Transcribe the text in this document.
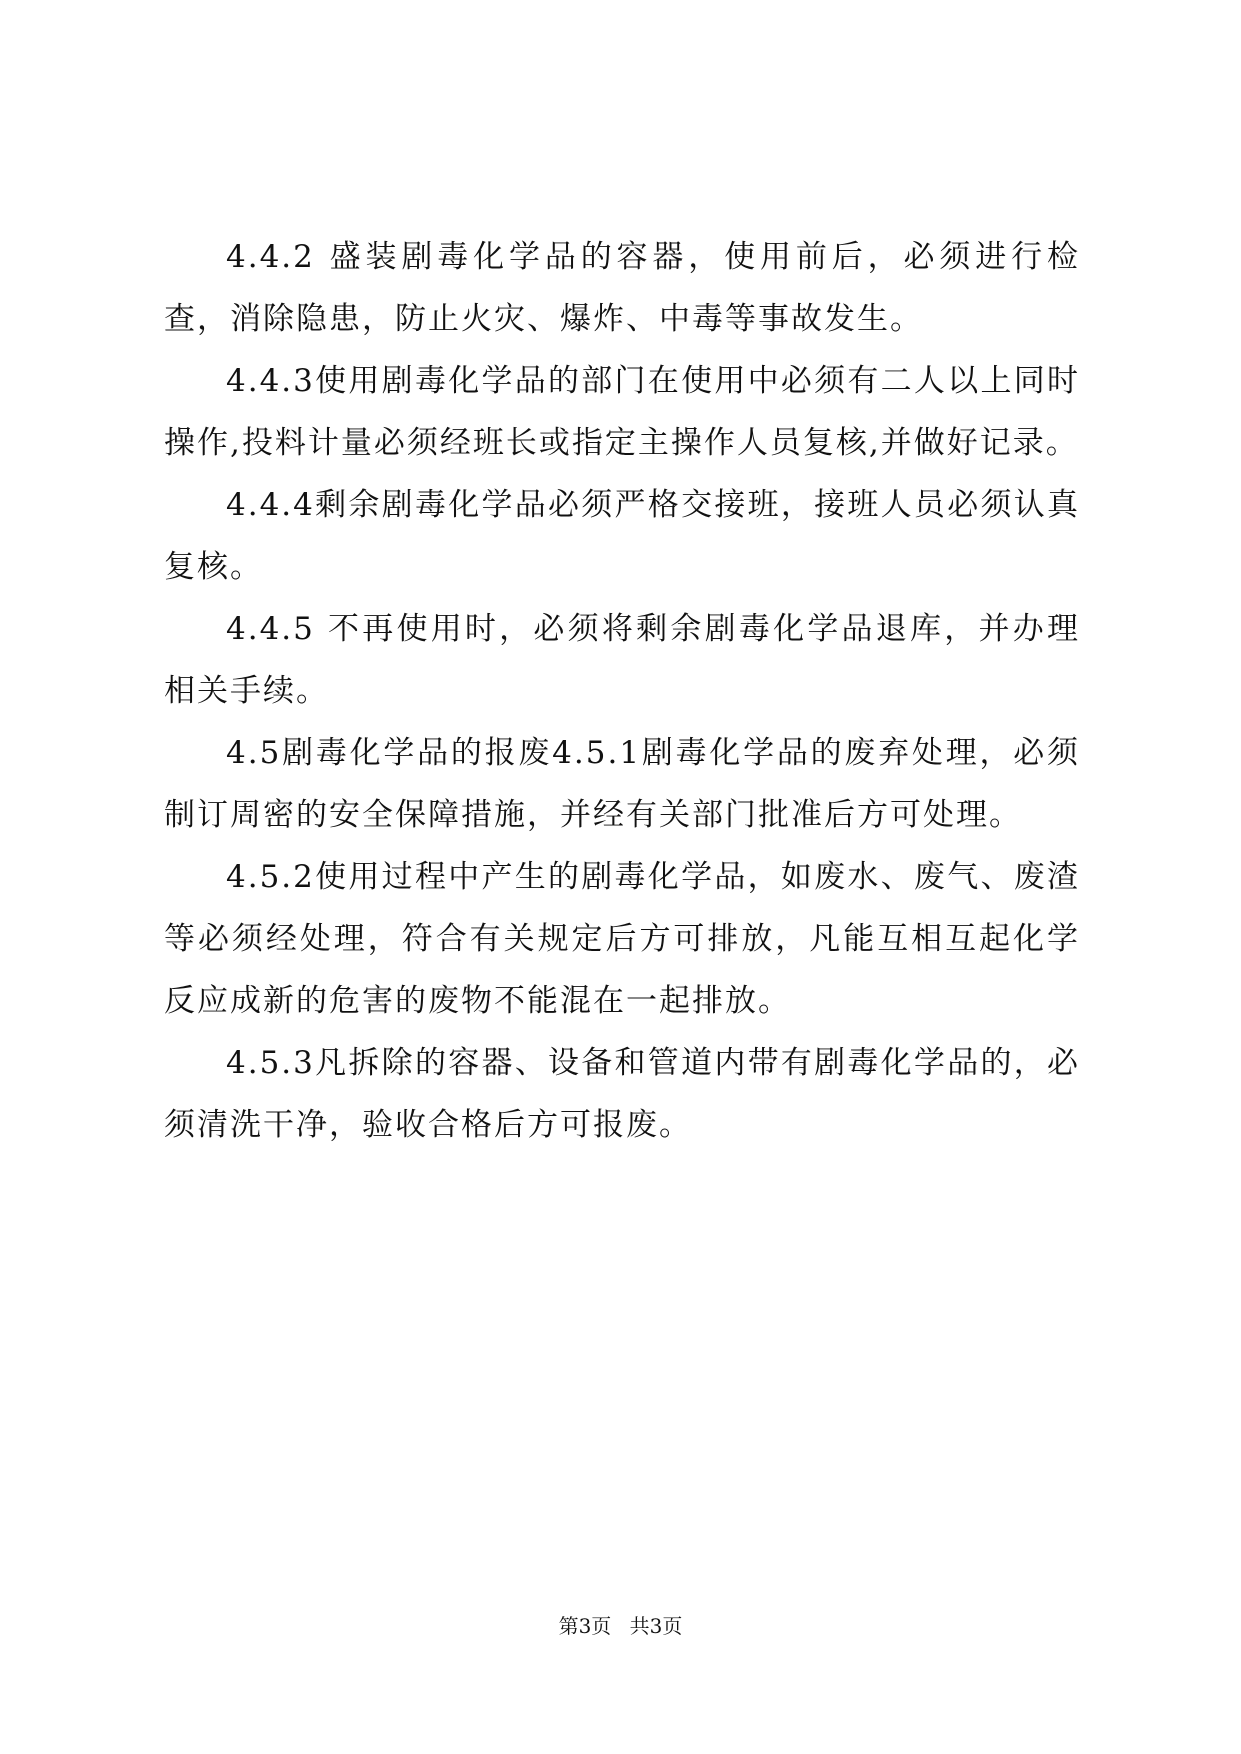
4.4.2 盛装剧毒化学品的容器，使用前后，必须进行检查，消除隐患，防止火灾、爆炸、中毒等事故发生。

4.4.3使用剧毒化学品的部门在使用中必须有二人以上同时操作,投料计量必须经班长或指定主操作人员复核,并做好记录。

4.4.4剩余剧毒化学品必须严格交接班，接班人员必须认真复核。

4.4.5 不再使用时，必须将剩余剧毒化学品退库，并办理相关手续。

4.5剧毒化学品的报废4.5.1剧毒化学品的废弃处理，必须制订周密的安全保障措施，并经有关部门批准后方可处理。

4.5.2使用过程中产生的剧毒化学品，如废水、废气、废渣等必须经处理，符合有关规定后方可排放，凡能互相互起化学反应成新的危害的废物不能混在一起排放。

4.5.3凡拆除的容器、设备和管道内带有剧毒化学品的，必须清洗干净，验收合格后方可报废。

第3页 共3页
